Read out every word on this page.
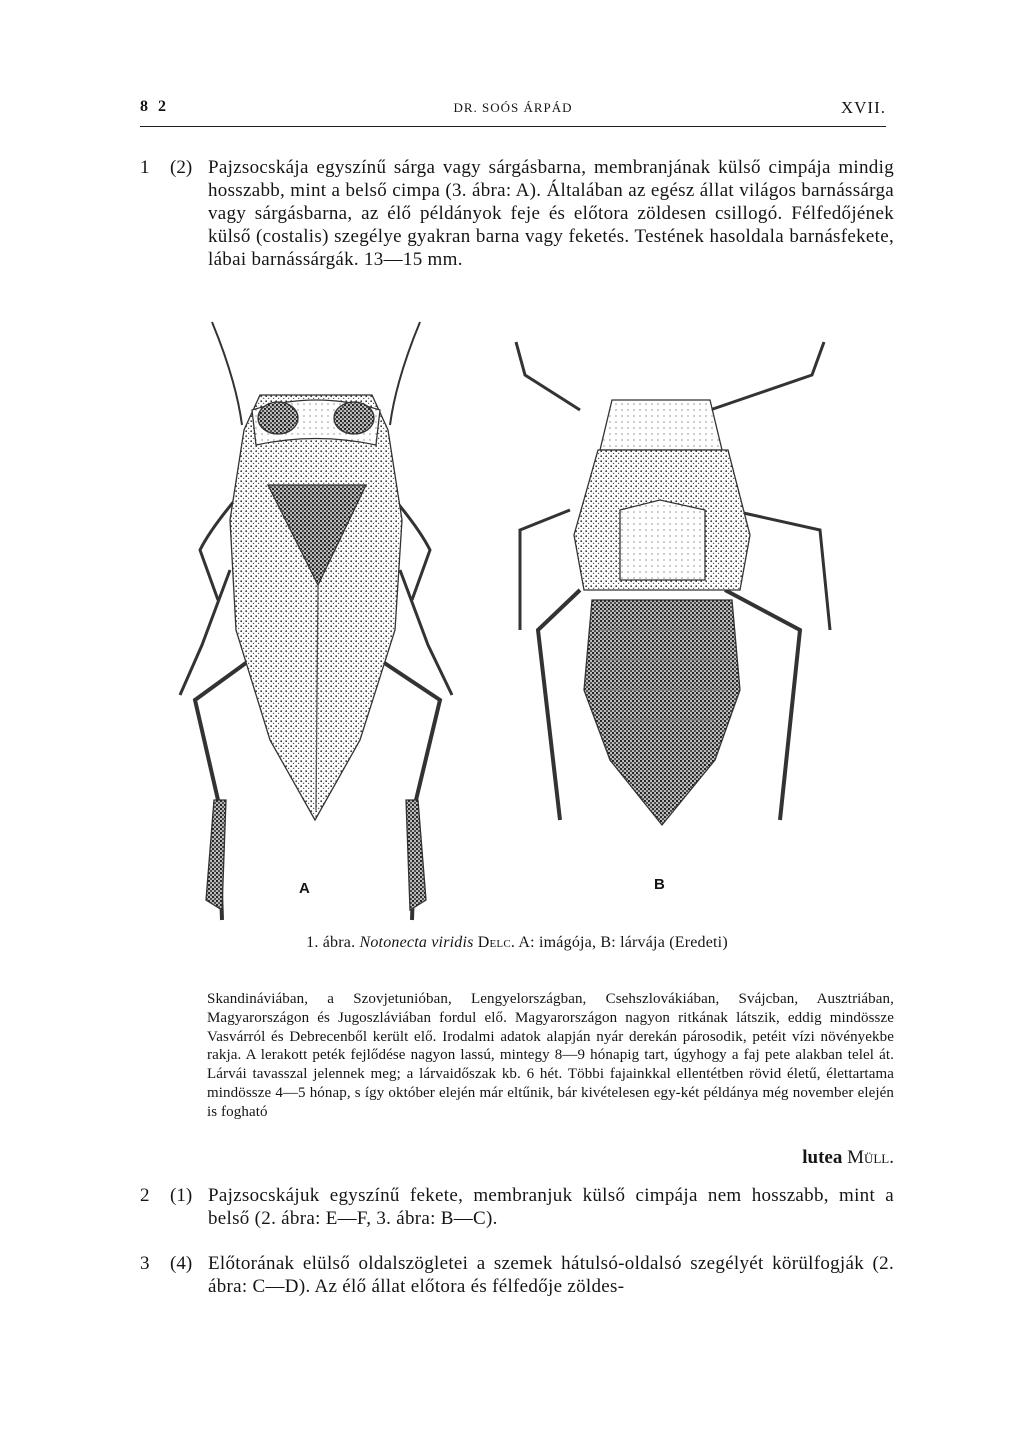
8 2	DR. SOÓS ÁRPÁD	XVII.
1 (2) Pajzsocskája egyszínű sárga vagy sárgásbarna, membranjának külső cimpája mindig hosszabb, mint a belső cimpa (3. ábra: A). Általában az egész állat világos barnássárga vagy sárgásbarna, az élő példányok feje és előtora zöldesen csillogó. Félfedőjének külső (costalis) szegélye gyakran barna vagy feketés. Testének hasoldala barnásfekete, lábai barnássárgák. 13—15 mm.
A	B
1. ábra. Notonecta viridis Delc. A: imágója, B: lárvája (Eredeti)
Skandináviában, a Szovjetunióban, Lengyelországban, Csehszlovákiában, Svájcban, Ausztriában, Magyarországon és Jugoszláviában fordul elő. Magyarországon nagyon ritkának látszik, eddig mindössze Vasvárról és Debrecenből került elő. Irodalmi adatok alapján nyár derekán párosodik, petéit vízi növényekbe rakja. A lerakott peték fejlődése nagyon lassú, mintegy 8—9 hónapig tart, úgyhogy a faj pete alakban telel át. Lárvái tavasszal jelennek meg; a lárvaidőszak kb. 6 hét. Többi fajainkkal ellentétben rövid életű, élettartama mindössze 4—5 hónap, s így október elején már eltűnik, bár kivételesen egy-két példánya még november elején is fogható
lutea Müll.
2 (1) Pajzsocskájuk egyszínű fekete, membranjuk külső cimpája nem hosszabb, mint a belső (2. ábra: E—F, 3. ábra: B—C).
3 (4) Előtorának elülső oldalszögletei a szemek hátulsó-oldalsó szegélyét körülfogják (2. ábra: C—D). Az élő állat előtora és félfedője zöldes-
